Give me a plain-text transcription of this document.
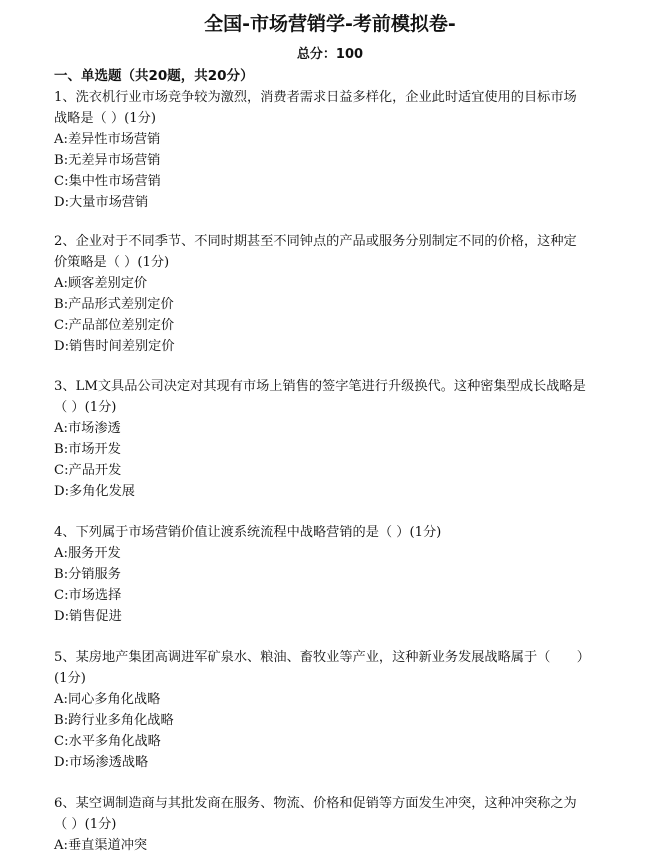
全国-市场营销学-考前模拟卷-
总分：100
一、单选题（共20题，共20分）

1、洗衣机行业市场竞争较为激烈，消费者需求日益多样化，企业此时适宜使用的目标市场

战略是（ ）(1分)

A:差异性市场营销

B:无差异市场营销

C:集中性市场营销

D:大量市场营销

2、企业对于不同季节、不同时期甚至不同钟点的产品或服务分别制定不同的价格，这种定

价策略是（ ）(1分)

A:顾客差别定价

B:产品形式差别定价

C:产品部位差别定价

D:销售时间差别定价

3、LM文具品公司决定对其现有市场上销售的签字笔进行升级换代。这种密集型成长战略是

（ ）(1分)

A:市场渗透

B:市场开发

C:产品开发

D:多角化发展

4、下列属于市场营销价值让渡系统流程中战略营销的是（ ）(1分)

A:服务开发

B:分销服务

C:市场选择

D:销售促进

5、某房地产集团高调进军矿泉水、粮油、畜牧业等产业，这种新业务发展战略属于（　　）

(1分)

A:同心多角化战略

B:跨行业多角化战略

C:水平多角化战略

D:市场渗透战略

6、某空调制造商与其批发商在服务、物流、价格和促销等方面发生冲突，这种冲突称之为

（ ）(1分)

A:垂直渠道冲突
